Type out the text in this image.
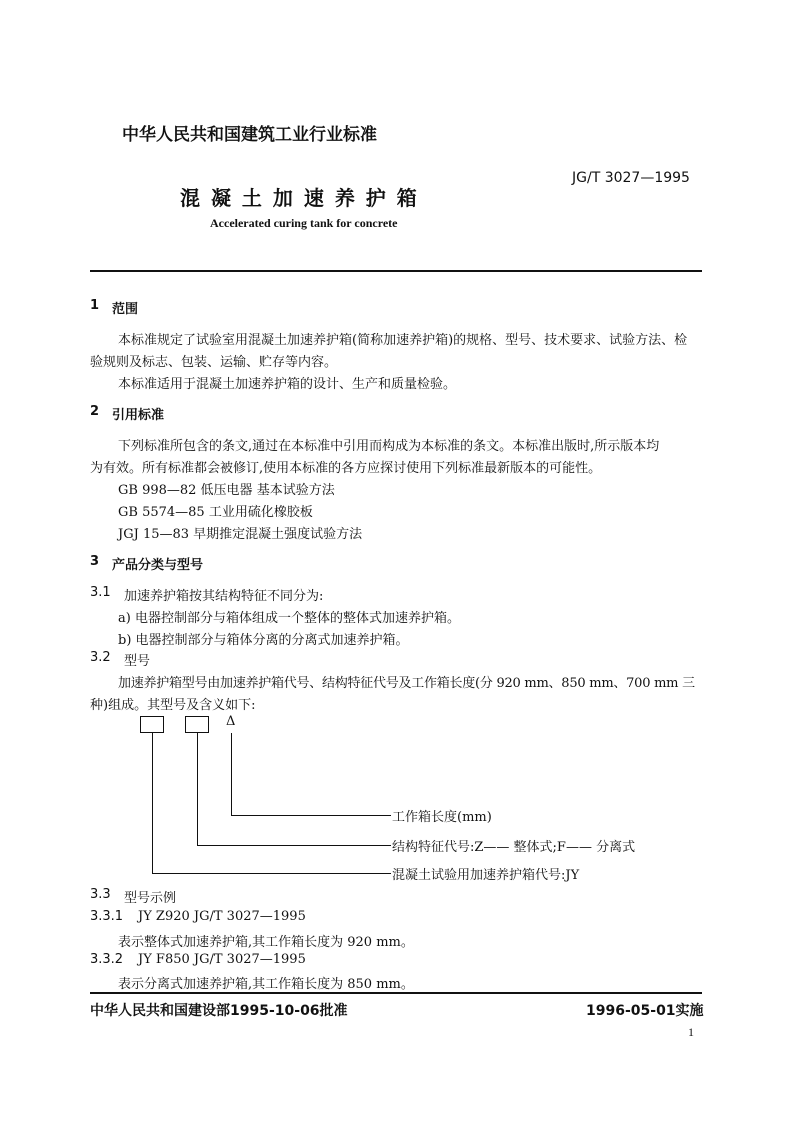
中华人民共和国建筑工业行业标准
JG/T 3027—1995
混 凝 土 加 速 养 护 箱
Accelerated curing tank for concrete
1 范围
本标准规定了试验室用混凝土加速养护箱(简称加速养护箱)的规格、型号、技术要求、试验方法、检
验规则及标志、包装、运输、贮存等内容。
本标准适用于混凝土加速养护箱的设计、生产和质量检验。
2 引用标准
下列标准所包含的条文,通过在本标准中引用而构成为本标准的条文。本标准出版时,所示版本均
为有效。所有标准都会被修订,使用本标准的各方应探讨使用下列标准最新版本的可能性。
GB 998—82 低压电器 基本试验方法
GB 5574—85 工业用硫化橡胶板
JGJ 15—83 早期推定混凝土强度试验方法
3 产品分类与型号
3.1 加速养护箱按其结构特征不同分为:
a) 电器控制部分与箱体组成一个整体的整体式加速养护箱。
b) 电器控制部分与箱体分离的分离式加速养护箱。
3.2 型号
加速养护箱型号由加速养护箱代号、结构特征代号及工作箱长度(分 920 mm、850 mm、700 mm 三
种)组成。其型号及含义如下:
Δ
工作箱长度(mm)
结构特征代号:Z—— 整体式;F—— 分离式
混凝土试验用加速养护箱代号:JY
3.3 型号示例
3.3.1 JY Z920 JG/T 3027—1995
表示整体式加速养护箱,其工作箱长度为 920 mm。
3.3.2 JY F850 JG/T 3027—1995
表示分离式加速养护箱,其工作箱长度为 850 mm。
中华人民共和国建设部1995-10-06批准	1996-05-01实施
1
